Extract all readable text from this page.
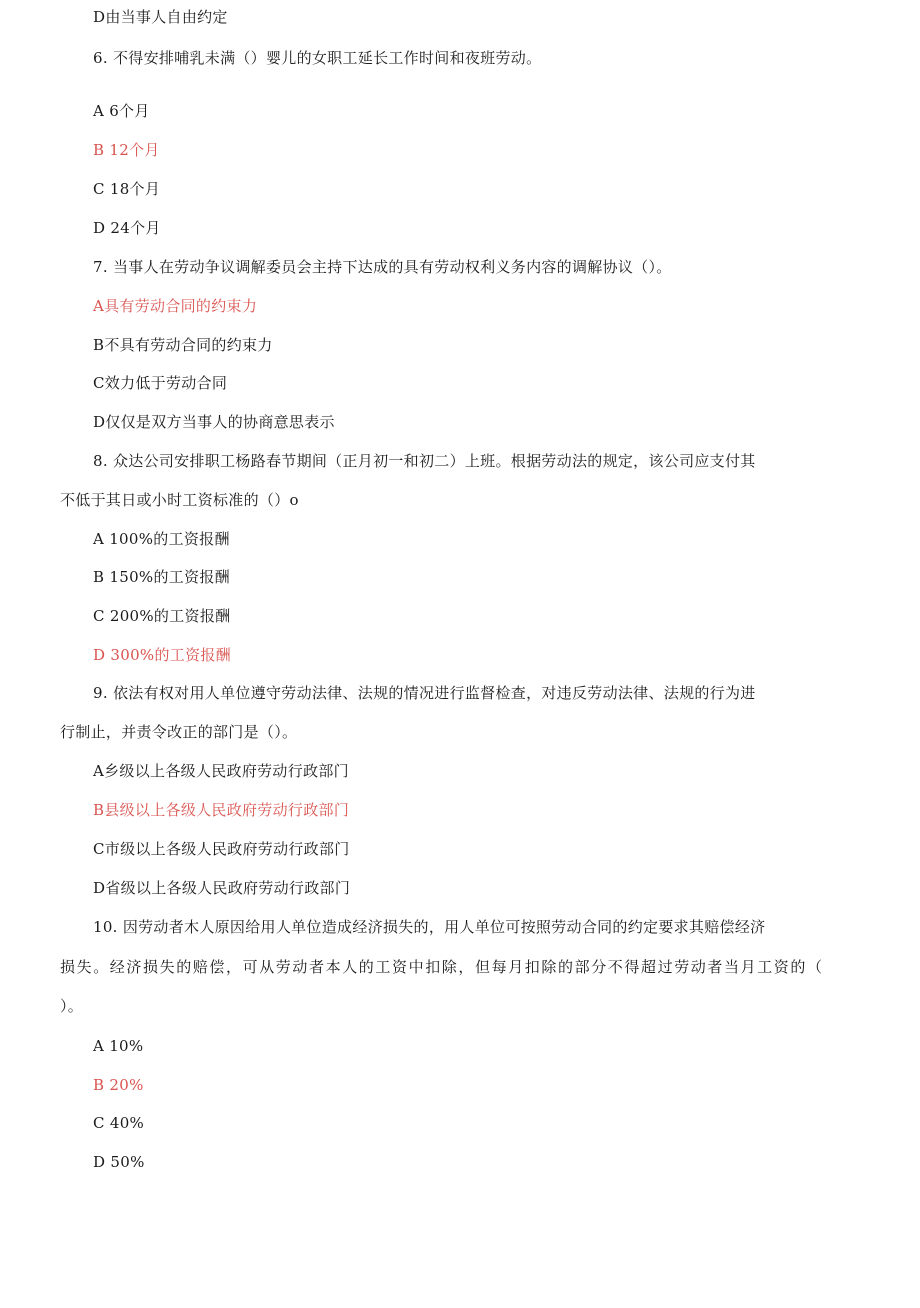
D由当事人自由约定
6. 不得安排哺乳未满（）婴儿的女职工延长工作时间和夜班劳动。
A 6个月
B 12个月
C 18个月
D 24个月
7. 当事人在劳动争议调解委员会主持下达成的具有劳动权利义务内容的调解协议（）。
A具有劳动合同的约束力
B不具有劳动合同的约束力
C效力低于劳动合同
D仅仅是双方当事人的协商意思表示
8. 众达公司安排职工杨路春节期间（正月初一和初二）上班。根据劳动法的规定，该公司应支付其
不低于其日或小时工资标准的（）o
A 100%的工资报酬
B 150%的工资报酬
C 200%的工资报酬
D 300%的工资报酬
9. 依法有权对用人单位遵守劳动法律、法规的情况进行监督检查，对违反劳动法律、法规的行为进
行制止，并责令改正的部门是（）。
A乡级以上各级人民政府劳动行政部门
B县级以上各级人民政府劳动行政部门
C市级以上各级人民政府劳动行政部门
D省级以上各级人民政府劳动行政部门
10. 因劳动者木人原因给用人单位造成经济损失的，用人单位可按照劳动合同的约定要求其赔偿经济
损失。经济损失的赔偿，可从劳动者本人的工资中扣除，但每月扣除的部分不得超过劳动者当月工资的（
）。
A 10%
B 20%
C 40%
D 50%
